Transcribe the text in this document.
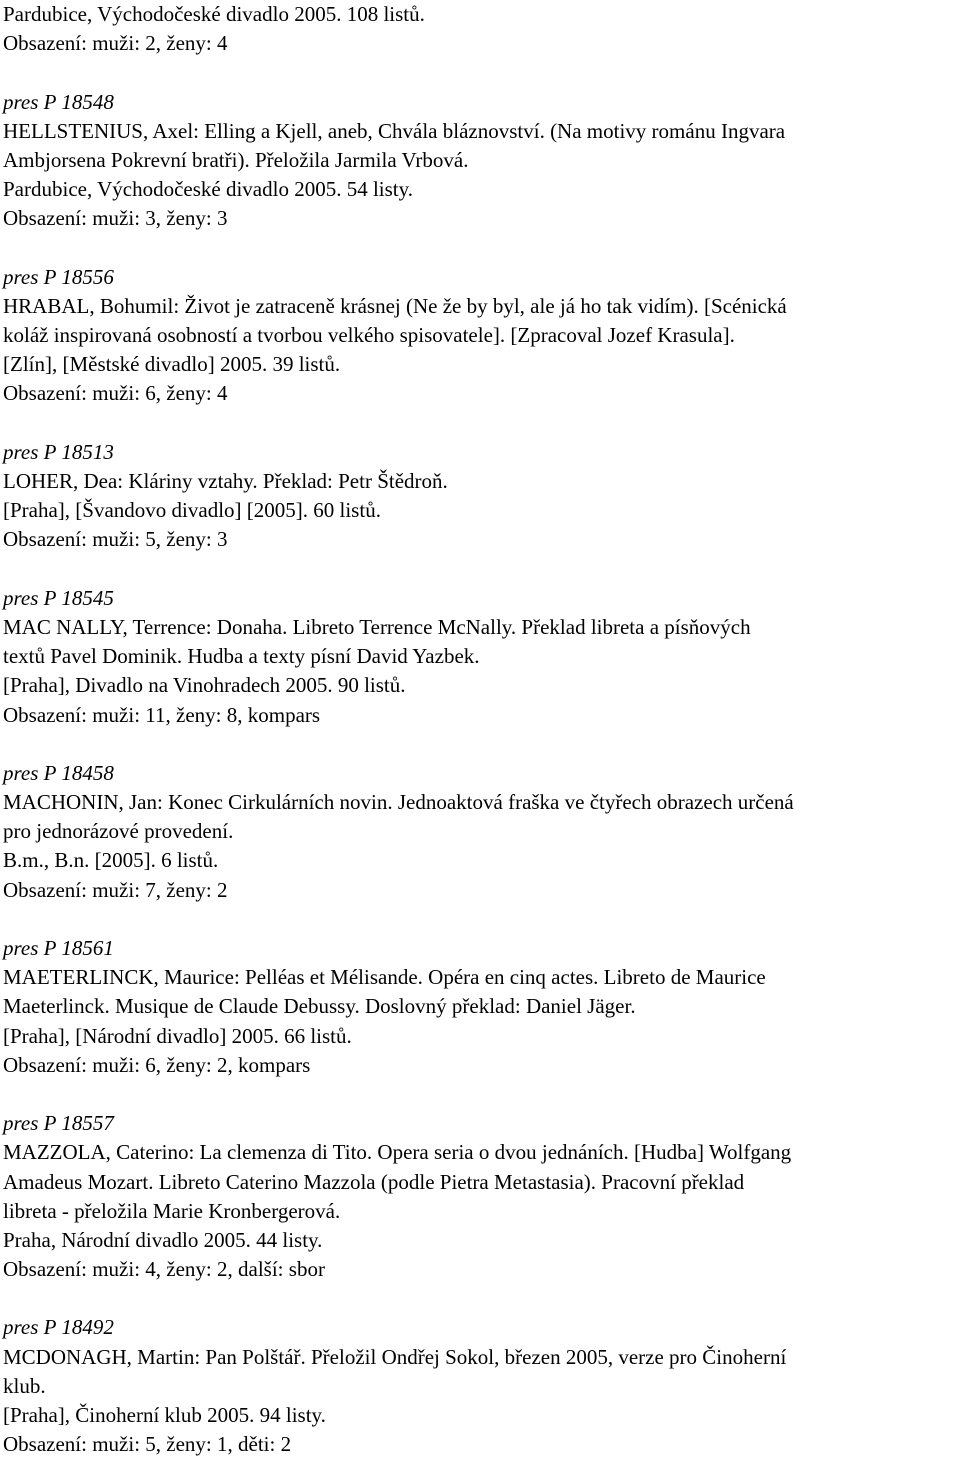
Pardubice, Východočeské divadlo 2005. 108 listů.
Obsazení: muži: 2, ženy: 4
pres P 18548
HELLSTENIUS, Axel: Elling a Kjell, aneb, Chvála bláznovství. (Na motivy románu Ingvara
Ambjorsena Pokrevní bratři). Přeložila Jarmila Vrbová.
Pardubice, Východočeské divadlo 2005. 54 listy.
Obsazení: muži: 3, ženy: 3
pres P 18556
HRABAL, Bohumil: Život je zatraceně krásnej (Ne že by byl, ale já ho tak vidím). [Scénická
koláž inspirovaná osobností a tvorbou velkého spisovatele]. [Zpracoval Jozef Krasula].
[Zlín], [Městské divadlo] 2005. 39 listů.
Obsazení: muži: 6, ženy: 4
pres P 18513
LOHER, Dea: Kláriny vztahy. Překlad: Petr Štědroň.
[Praha], [Švandovo divadlo] [2005]. 60 listů.
Obsazení: muži: 5, ženy: 3
pres P 18545
MAC NALLY, Terrence: Donaha. Libreto Terrence McNally. Překlad libreta a písňových
textů Pavel Dominik. Hudba a texty písní David Yazbek.
[Praha], Divadlo na Vinohradech 2005. 90 listů.
Obsazení: muži: 11, ženy: 8, kompars
pres P 18458
MACHONIN, Jan: Konec Cirkulárních novin. Jednoaktová fraška ve čtyřech obrazech určená
pro jednorázové provedení.
B.m., B.n. [2005]. 6 listů.
Obsazení: muži: 7, ženy: 2
pres P 18561
MAETERLINCK, Maurice: Pelléas et Mélisande. Opéra en cinq actes. Libreto de Maurice
Maeterlinck. Musique de Claude Debussy. Doslovný překlad: Daniel Jäger.
[Praha], [Národní divadlo] 2005. 66 listů.
Obsazení: muži: 6, ženy: 2, kompars
pres P 18557
MAZZOLA, Caterino: La clemenza di Tito. Opera seria o dvou jednáních. [Hudba] Wolfgang
Amadeus Mozart. Libreto Caterino Mazzola (podle Pietra Metastasia). Pracovní překlad
libreta - přeložila Marie Kronbergerová.
Praha, Národní divadlo 2005. 44 listy.
Obsazení: muži: 4, ženy: 2, další: sbor
pres P 18492
MCDONAGH, Martin: Pan Polštář. Přeložil Ondřej Sokol, březen 2005, verze pro Činoherní
klub.
[Praha], Činoherní klub 2005. 94 listy.
Obsazení: muži: 5, ženy: 1, děti: 2
